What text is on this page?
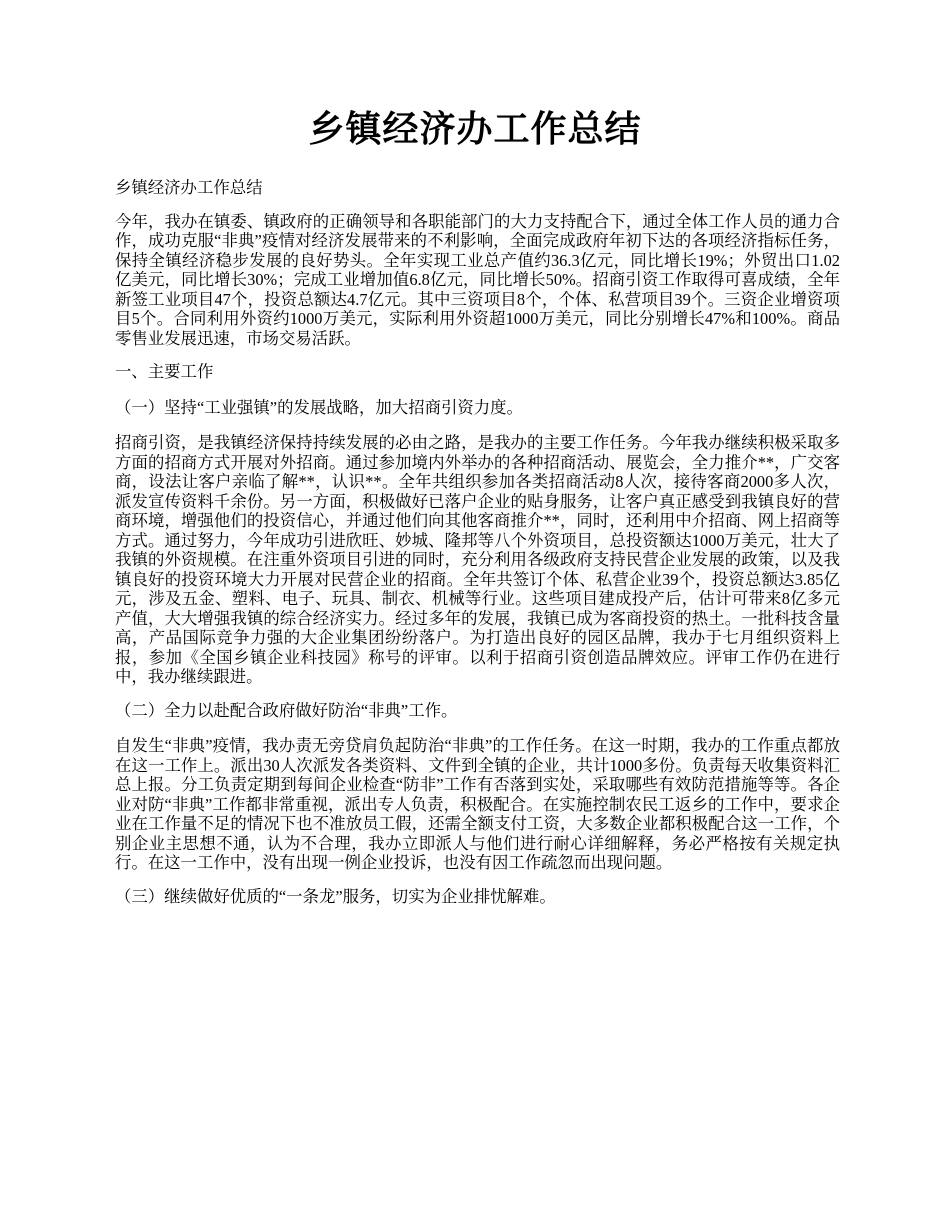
乡镇经济办工作总结

乡镇经济办工作总结

今年，我办在镇委、镇政府的正确领导和各职能部门的大力支持配合下，通过全体工作人员的通力合作，成功克服“非典”疫情对经济发展带来的不利影响，全面完成政府年初下达的各项经济指标任务，保持全镇经济稳步发展的良好势头。全年实现工业总产值约36.3亿元，同比增长19%；外贸出口1.02亿美元，同比增长30%；完成工业增加值6.8亿元，同比增长50%。招商引资工作取得可喜成绩，全年新签工业项目47个，投资总额达4.7亿元。其中三资项目8个，个体、私营项目39个。三资企业增资项目5个。合同利用外资约1000万美元，实际利用外资超1000万美元，同比分别增长47%和100%。商品零售业发展迅速，市场交易活跃。

一、主要工作

（一）坚持“工业强镇”的发展战略，加大招商引资力度。

招商引资，是我镇经济保持持续发展的必由之路，是我办的主要工作任务。今年我办继续积极采取多方面的招商方式开展对外招商。通过参加境内外举办的各种招商活动、展览会，全力推介**，广交客商，设法让客户亲临了解**，认识**。全年共组织参加各类招商活动8人次，接待客商2000多人次，派发宣传资料千余份。另一方面，积极做好已落户企业的贴身服务，让客户真正感受到我镇良好的营商环境，增强他们的投资信心，并通过他们向其他客商推介**，同时，还利用中介招商、网上招商等方式。通过努力，今年成功引进欣旺、妙城、隆邦等八个外资项目，总投资额达1000万美元，壮大了我镇的外资规模。在注重外资项目引进的同时，充分利用各级政府支持民营企业发展的政策，以及我镇良好的投资环境大力开展对民营企业的招商。全年共签订个体、私营企业39个，投资总额达3.85亿元，涉及五金、塑料、电子、玩具、制衣、机械等行业。这些项目建成投产后，估计可带来8亿多元产值，大大增强我镇的综合经济实力。经过多年的发展，我镇已成为客商投资的热土。一批科技含量高，产品国际竞争力强的大企业集团纷纷落户。为打造出良好的园区品牌，我办于七月组织资料上报，参加《全国乡镇企业科技园》称号的评审。以利于招商引资创造品牌效应。评审工作仍在进行中，我办继续跟进。

（二）全力以赴配合政府做好防治“非典”工作。

自发生“非典”疫情，我办责无旁贷肩负起防治“非典”的工作任务。在这一时期，我办的工作重点都放在这一工作上。派出30人次派发各类资料、文件到全镇的企业，共计1000多份。负责每天收集资料汇总上报。分工负责定期到每间企业检查“防非”工作有否落到实处，采取哪些有效防范措施等等。各企业对防“非典”工作都非常重视，派出专人负责，积极配合。在实施控制农民工返乡的工作中，要求企业在工作量不足的情况下也不准放员工假，还需全额支付工资，大多数企业都积极配合这一工作，个别企业主思想不通，认为不合理，我办立即派人与他们进行耐心详细解释，务必严格按有关规定执行。在这一工作中，没有出现一例企业投诉，也没有因工作疏忽而出现问题。

（三）继续做好优质的“一条龙”服务，切实为企业排忧解难。
